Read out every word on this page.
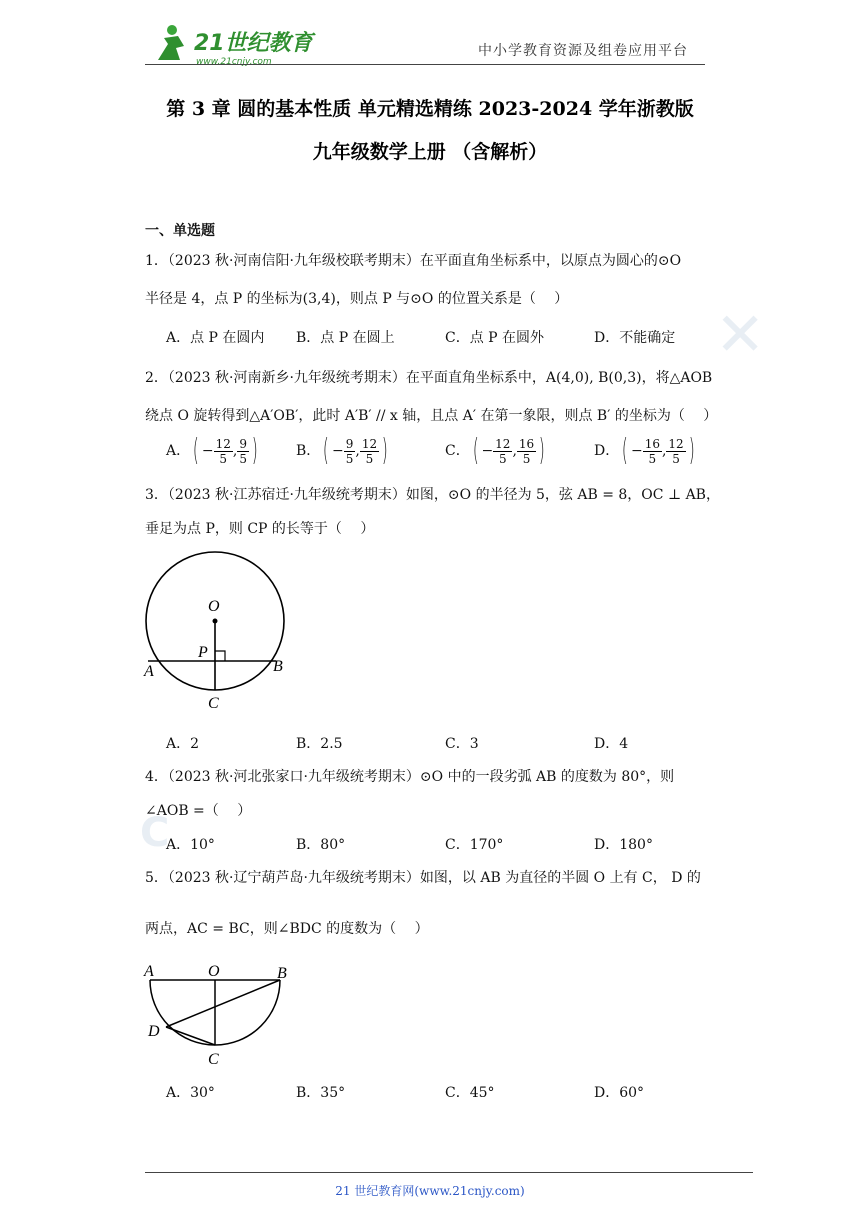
✕
C
21世纪教育
www.21cnjy.com
中小学教育资源及组卷应用平台
第 3 章 圆的基本性质 单元精选精练 2023-2024 学年浙教版
九年级数学上册 （含解析）
一、单选题
1．（2023 秋·河南信阳·九年级校联考期末）在平面直角坐标系中，以原点为圆心的⊙O
半径是 4，点 P 的坐标为(3,4)，则点 P 与⊙O 的位置关系是（　 ）
A．点 P 在圆内 B．点 P 在圆上	C．点 P 在圆外	D．不能确定
2．（2023 秋·河南新乡·九年级统考期末）在平面直角坐标系中，A(4,0), B(0,3)，将△AOB
绕点 O 旋转得到△A′OB′，此时 A′B′ // x 轴，且点 A′ 在第一象限，则点 B′ 的坐标为（　 ）
A．( − $\frac{12}{5}$ , $\frac{9}{5}$ )	B．( − $\frac{9}{5}$ , $\frac{12}{5}$ )	C．( − $\frac{12}{5}$ , $\frac{16}{5}$ )	D．( − $\frac{16}{5}$ , $\frac{12}{5}$ )
3．（2023 秋·江苏宿迁·九年级统考期末）如图，⊙O 的半径为 5，弦 AB = 8，OC ⊥ AB，
垂足为点 P，则 CP 的长等于（　 ）
O
P
A	B
C
A．2	B．2.5	C．3	D．4
4．（2023 秋·河北张家口·九年级统考期末）⊙O 中的一段劣弧 AB 的度数为 80°，则
∠AOB =（　 ）
A．10°	B．80°	C．170°	D．180°
5．（2023 秋·辽宁葫芦岛·九年级统考期末）如图，以 AB 为直径的半圆 O 上有 C， D 的
两点，AC = BC，则∠BDC 的度数为（　 ）
A	O	B
D
C
A．30°	B．35°	C．45°	D．60°
21 世纪教育网(www.21cnjy.com)
